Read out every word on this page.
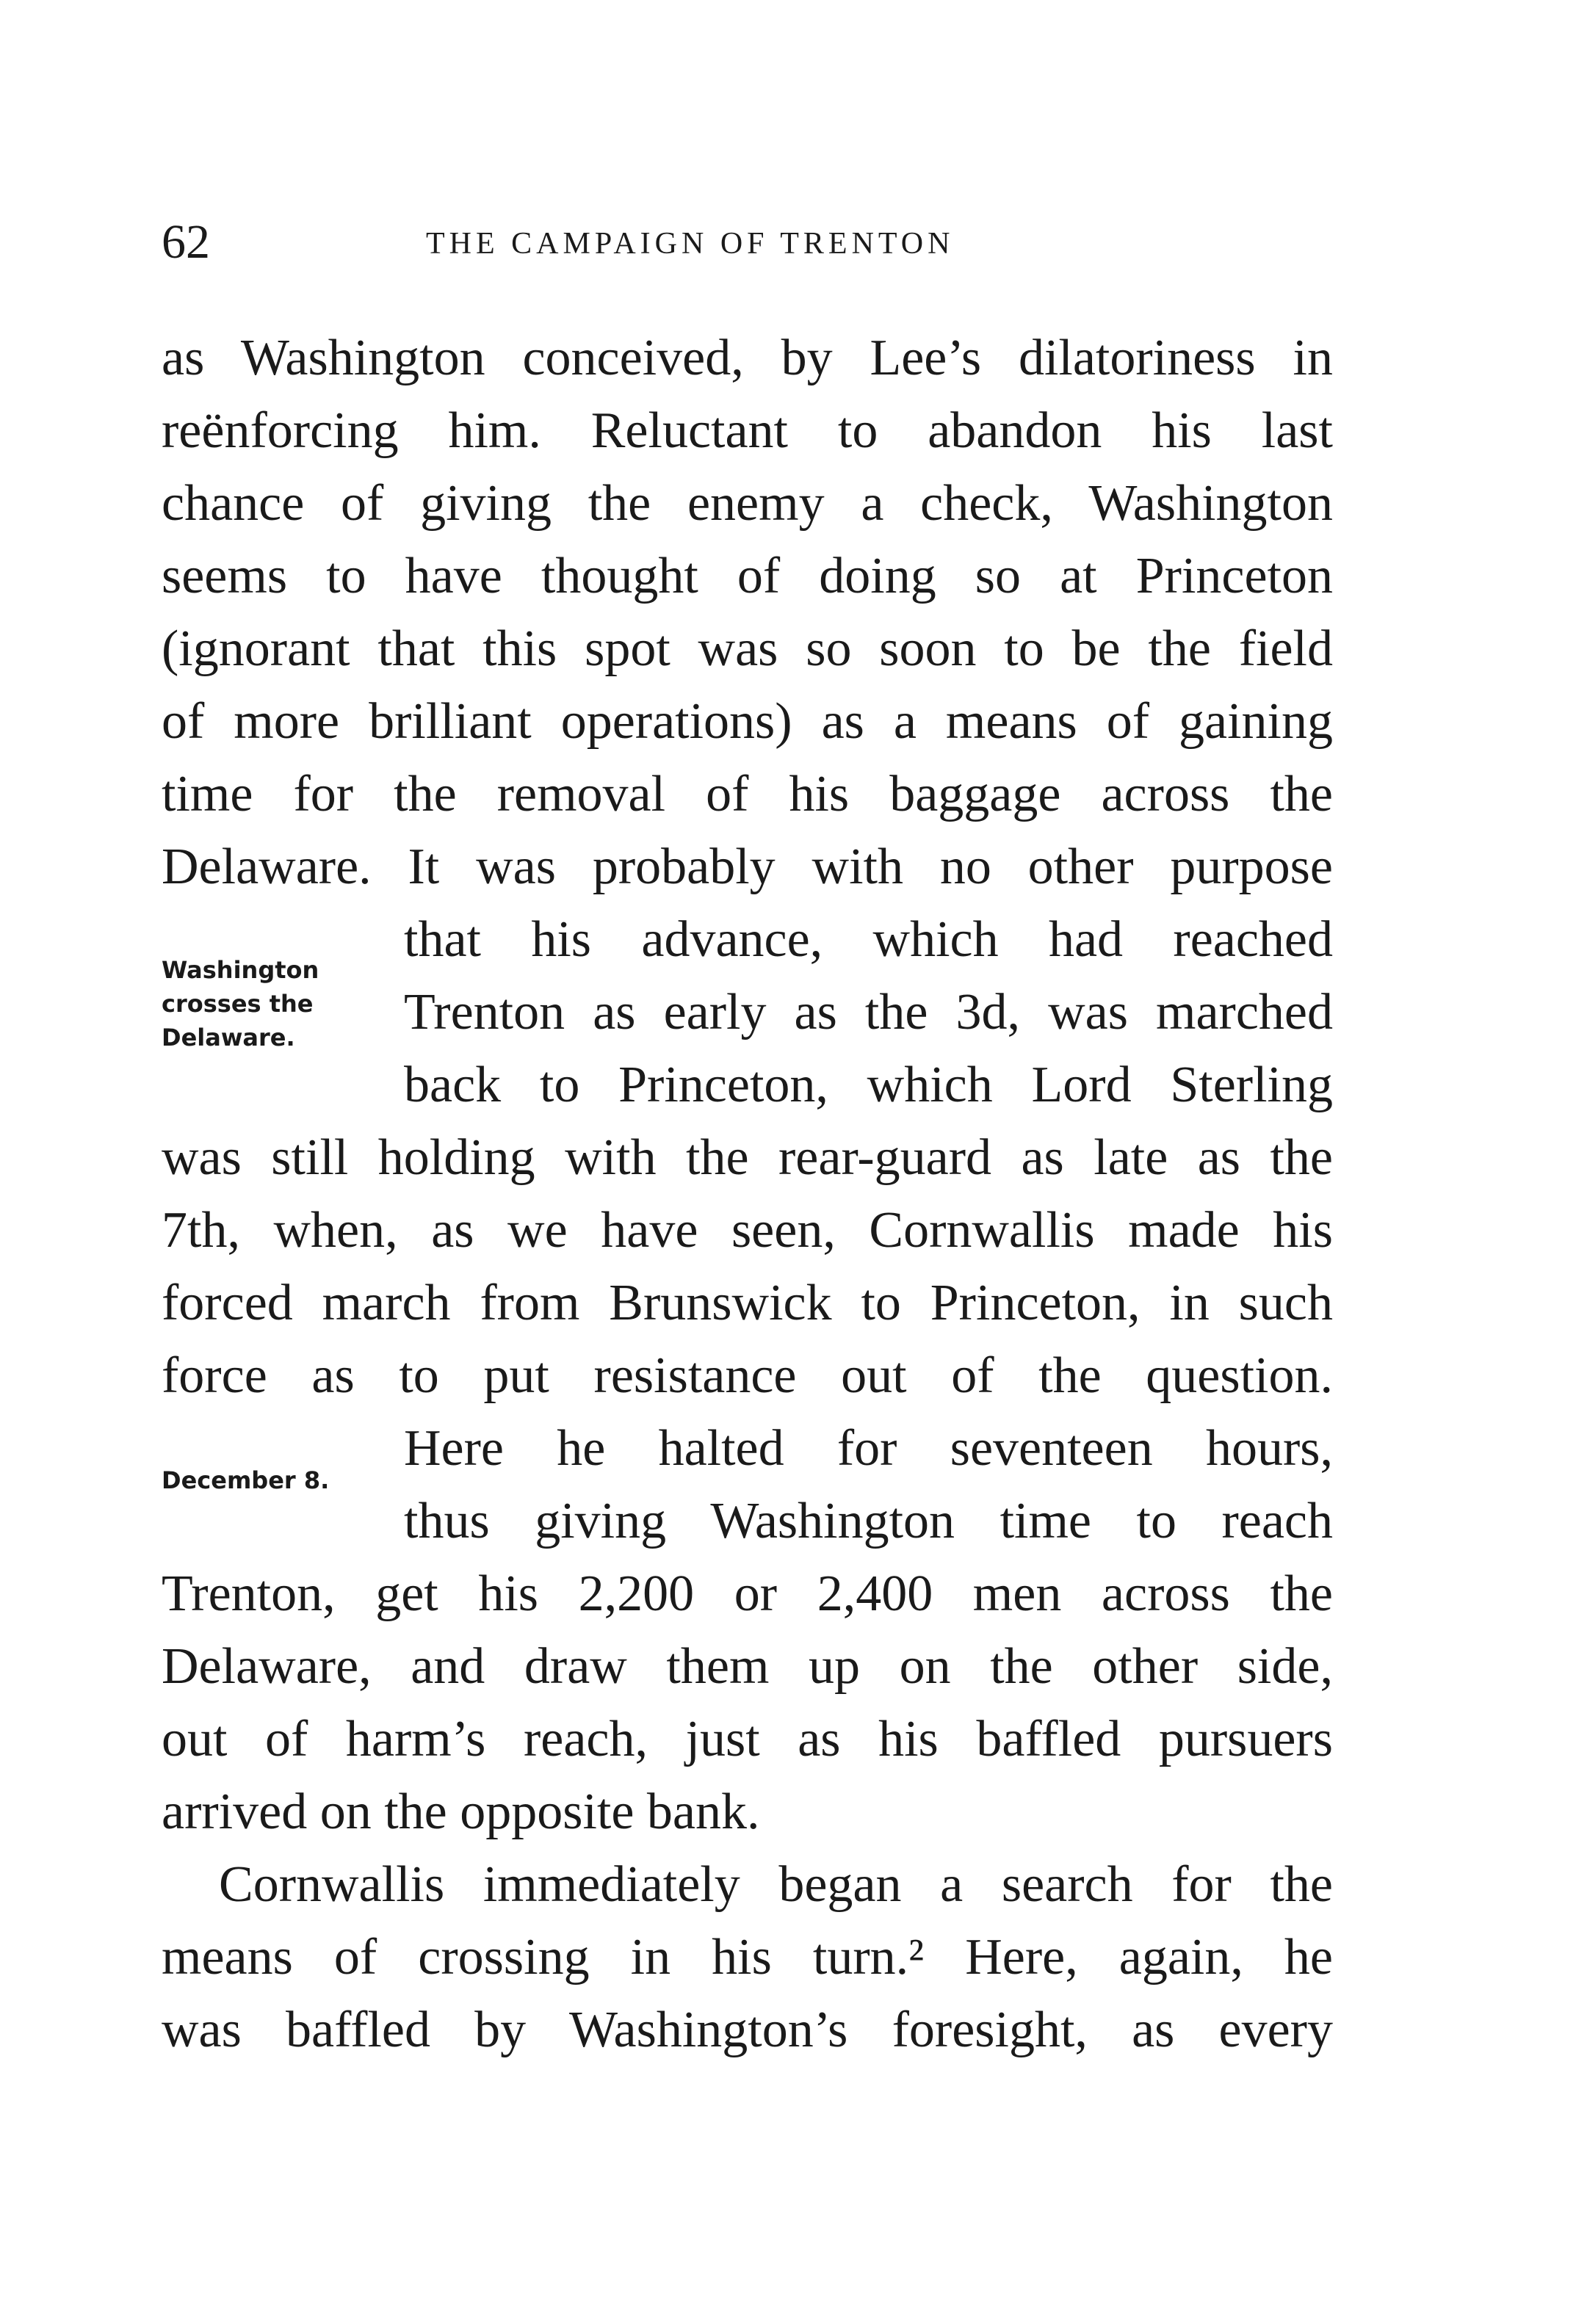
62	THE CAMPAIGN OF TRENTON
as Washington conceived, by Lee’s dilatoriness in
reënforcing him. Reluctant to abandon his last
chance of giving the enemy a check, Washington
seems to have thought of doing so at Princeton
(ignorant that this spot was so soon to be the field
of more brilliant operations) as a means of gaining
time for the removal of his baggage across the
Delaware. It was probably with no other purpose
that his advance, which had reached
Trenton as early as the 3d, was marched
back to Princeton, which Lord Sterling
was still holding with the rear-guard as late as the
7th, when, as we have seen, Cornwallis made his
forced march from Brunswick to Princeton, in such
force as to put resistance out of the question.
Here he halted for seventeen hours,
thus giving Washington time to reach
Trenton, get his 2,200 or 2,400 men across the
Delaware, and draw them up on the other side,
out of harm’s reach, just as his baffled pursuers
arrived on the opposite bank.
Cornwallis immediately began a search for the
means of crossing in his turn.² Here, again, he
was baffled by Washington’s foresight, as every
Washington
crosses the
Delaware.
December 8.
